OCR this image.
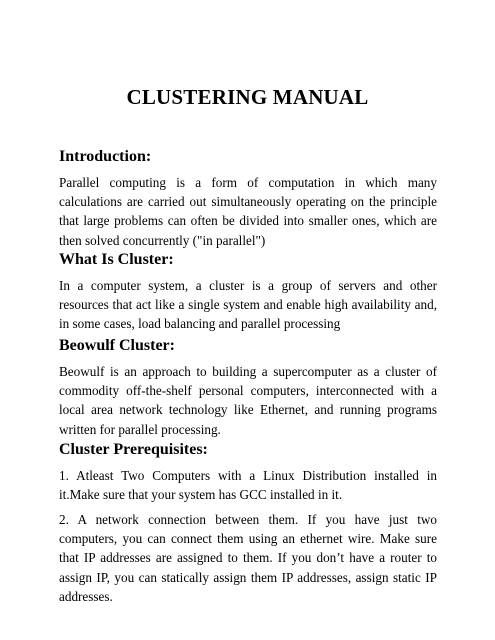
CLUSTERING MANUAL
Introduction:

Parallel computing is a form of computation in which many calculations are carried out simultaneously operating on the principle that large problems can often be divided into smaller ones, which are then solved concurrently ("in parallel")

What Is Cluster:

In a computer system, a cluster is a group of servers and other resources that act like a single system and enable high availability and, in some cases, load balancing and parallel processing

Beowulf Cluster:

Beowulf is an approach to building a supercomputer as a cluster of commodity off-the-shelf personal computers, interconnected with a local area network technology like Ethernet, and running programs written for parallel processing.

Cluster Prerequisites:

1. Atleast Two Computers with a Linux Distribution installed in it.Make sure that your system has GCC installed in it.

2. A network connection between them. If you have just two computers, you can connect them using an ethernet wire. Make sure that IP addresses are assigned to them. If you don’t have a router to assign IP, you can statically assign them IP addresses, assign static IP addresses.
